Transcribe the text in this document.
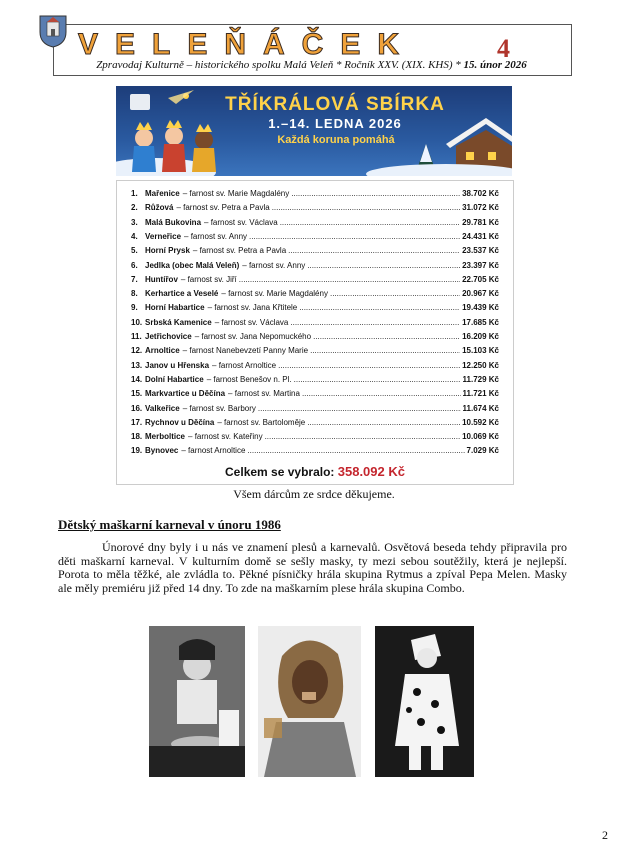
VELEŇÁČEK	4
Zpravodaj Kulturně – historického spolku Malá Veleň * Ročník XXV. (XIX. KHS) * 15. únor 2026
TŘÍKRÁLOVÁ SBÍRKA
1.–14. LEDNA 2026
Každá koruna pomáhá
1. Mařenice – farnost sv. Marie Magdalény .....	38.702 Kč
2. Růžová – farnost sv. Petra a Pavla .....	31.072 Kč
3. Malá Bukovina – farnost sv. Václava .....	29.781 Kč
4. Verneřice – farnost sv. Anny .....	24.431 Kč
5. Horní Prysk – farnost sv. Petra a Pavla .....	23.537 Kč
6. Jedlka (obec Malá Veleň) – farnost sv. Anny .....	23.397 Kč
7. Huntířov – farnost sv. Jiří .....	22.705 Kč
8. Kerhartice a Veselé – farnost sv. Marie Magdalény .....	20.967 Kč
9. Horní Habartice – farnost sv. Jana Křtitele .....	19.439 Kč
10. Srbská Kamenice – farnost sv. Václava .....	17.685 Kč
11. Jetřichovice – farnost sv. Jana Nepomuckého .....	16.209 Kč
12. Arnoltice – farnost Nanebevzetí Panny Marie .....	15.103 Kč
13. Janov u Hřenska – farnost Arnoltice .....	12.250 Kč
14. Dolní Habartice – farnost Benešov n. Pl. .....	11.729 Kč
15. Markvartice u Děčína – farnost sv. Martina .....	11.721 Kč
16. Valkeřice – farnost sv. Barbory .....	11.674 Kč
17. Rychnov u Děčína – farnost sv. Bartoloměje .....	10.592 Kč
18. Merboltice – farnost sv. Kateřiny .....	10.069 Kč
19. Bynovec – farnost Arnoltice .....	7.029 Kč
Celkem se vybralo: 358.092 Kč
Všem dárcům ze srdce děkujeme.
Dětský maškarní karneval v únoru 1986
Únorové dny byly i u nás ve znamení plesů a karnevalů. Osvětová beseda tehdy připravila pro děti maškarní karneval. V kulturním domě se sešly masky, ty mezi sebou soutěžily, která je nejlepší. Porota to měla těžké, ale zvládla to. Pěkné písničky hrála skupina Rytmus a zpíval Pepa Melen. Masky ale měly premiéru již před 14 dny. To zde na maškarním plese hrála skupina Combo.
2
